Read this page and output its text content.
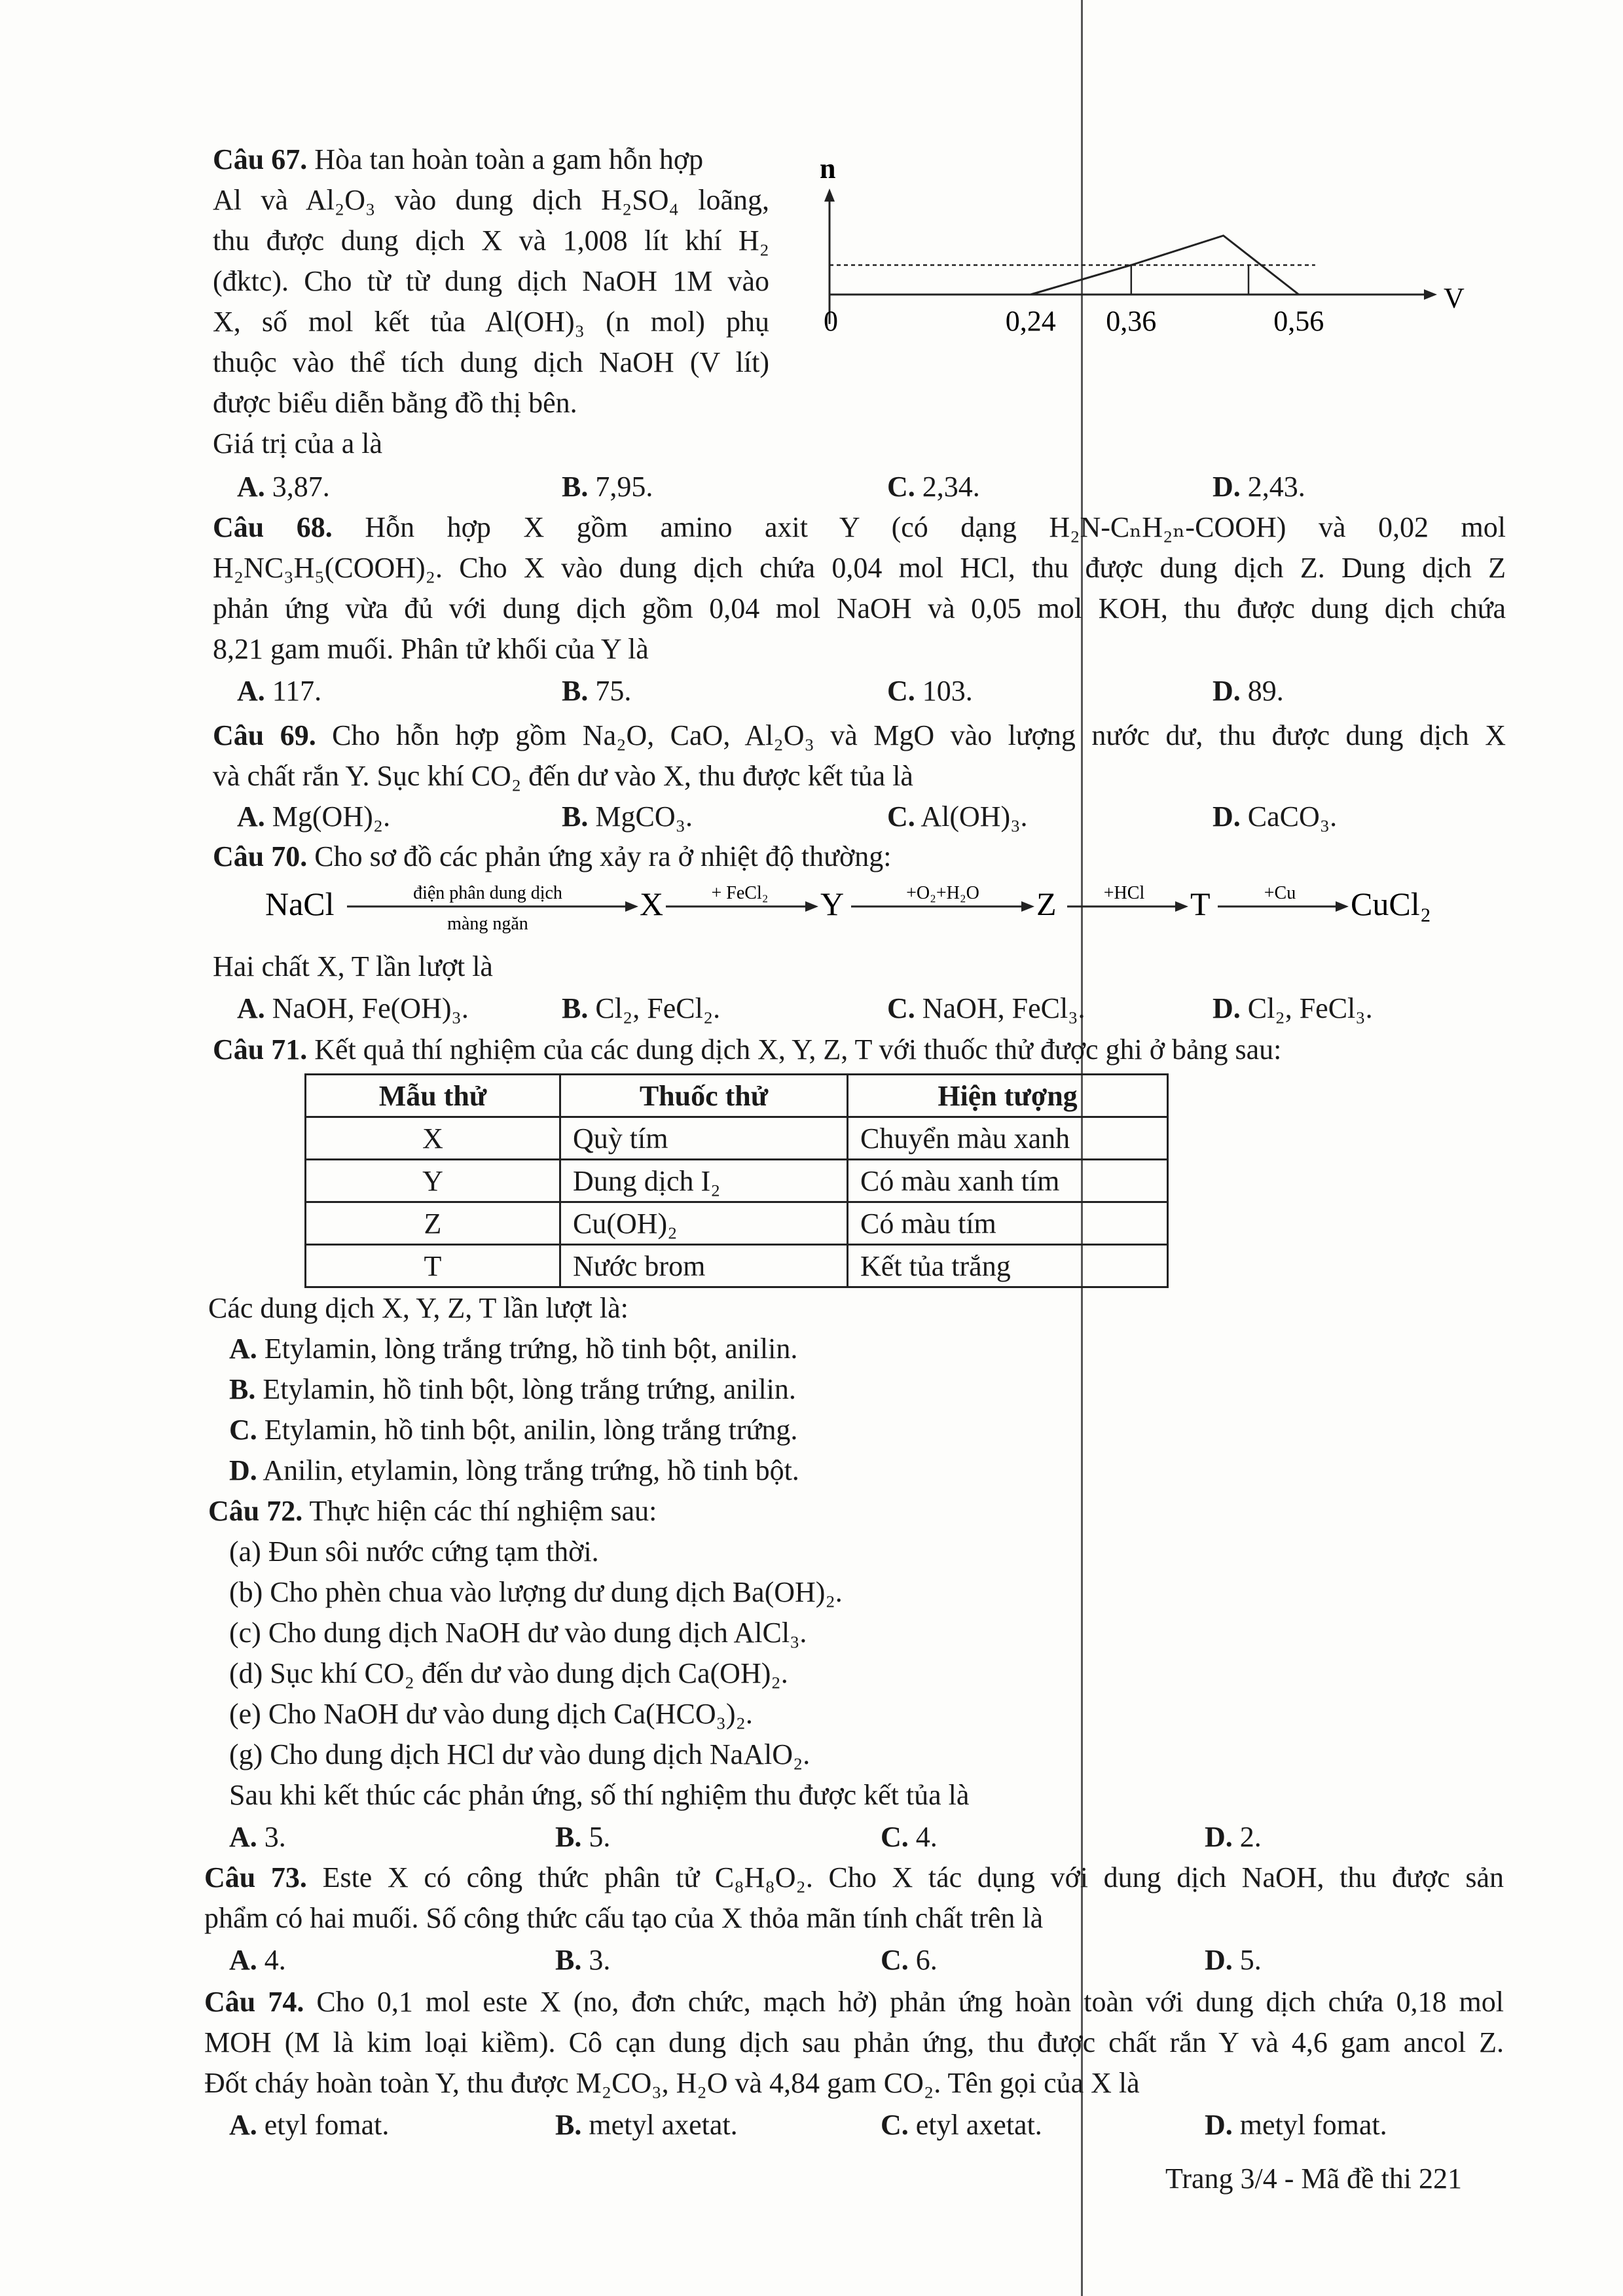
Câu 67. Hòa tan hoàn toàn a gam hỗn hợp
Al và Al₂O₃ vào dung dịch H₂SO₄ loãng,
thu được dung dịch X và 1,008 lít khí H₂
(đktc). Cho từ từ dung dịch NaOH 1M vào
X, số mol kết tủa Al(OH)₃ (n mol) phụ
thuộc vào thể tích dung dịch NaOH (V lít)
được biểu diễn bằng đồ thị bên.
Giá trị của a là
A. 3,87.	B. 7,95.	C. 2,34.	D. 2,43.
n
V
0	0,24 0,36	0,56
Câu 68. Hỗn hợp X gồm amino axit Y (có dạng H₂N-CₙH₂ₙ-COOH) và 0,02 mol
H₂NC₃H₅(COOH)₂. Cho X vào dung dịch chứa 0,04 mol HCl, thu được dung dịch Z. Dung dịch Z
phản ứng vừa đủ với dung dịch gồm 0,04 mol NaOH và 0,05 mol KOH, thu được dung dịch chứa
8,21 gam muối. Phân tử khối của Y là
A. 117.	B. 75.	C. 103.	D. 89.
Câu 69. Cho hỗn hợp gồm Na₂O, CaO, Al₂O₃ và MgO vào lượng nước dư, thu được dung dịch X
và chất rắn Y. Sục khí CO₂ đến dư vào X, thu được kết tủa là
A. Mg(OH)₂.	B. MgCO₃.	C. Al(OH)₃.	D. CaCO₃.
Câu 70. Cho sơ đồ các phản ứng xảy ra ở nhiệt độ thường:
NaCl	điện phân dung dịch
màng ngăn
X	+ FeCl₂ Y	+O₂+H₂O Z	+HCl T	+Cu CuCl₂
Hai chất X, T lần lượt là
A. NaOH, Fe(OH)₃.	B. Cl₂, FeCl₂.	C. NaOH, FeCl₃.	D. Cl₂, FeCl₃.
Câu 71. Kết quả thí nghiệm của các dung dịch X, Y, Z, T với thuốc thử được ghi ở bảng sau:
Mẫu thử	Thuốc thử	Hiện tượng
X	Quỳ tím	Chuyển màu xanh
Y	Dung dịch I₂	Có màu xanh tím
Z	Cu(OH)₂	Có màu tím
T	Nước brom	Kết tủa trắng
Các dung dịch X, Y, Z, T lần lượt là:
A. Etylamin, lòng trắng trứng, hồ tinh bột, anilin.
B. Etylamin, hồ tinh bột, lòng trắng trứng, anilin.
C. Etylamin, hồ tinh bột, anilin, lòng trắng trứng.
D. Anilin, etylamin, lòng trắng trứng, hồ tinh bột.
Câu 72. Thực hiện các thí nghiệm sau:
(a) Đun sôi nước cứng tạm thời.
(b) Cho phèn chua vào lượng dư dung dịch Ba(OH)₂.
(c) Cho dung dịch NaOH dư vào dung dịch AlCl₃.
(d) Sục khí CO₂ đến dư vào dung dịch Ca(OH)₂.
(e) Cho NaOH dư vào dung dịch Ca(HCO₃)₂.
(g) Cho dung dịch HCl dư vào dung dịch NaAlO₂.
Sau khi kết thúc các phản ứng, số thí nghiệm thu được kết tủa là
A. 3.	B. 5.	C. 4.	D. 2.
Câu 73. Este X có công thức phân tử C₈H₈O₂. Cho X tác dụng với dung dịch NaOH, thu được sản
phẩm có hai muối. Số công thức cấu tạo của X thỏa mãn tính chất trên là
A. 4.	B. 3.	C. 6.	D. 5.
Câu 74. Cho 0,1 mol este X (no, đơn chức, mạch hở) phản ứng hoàn toàn với dung dịch chứa 0,18 mol
MOH (M là kim loại kiềm). Cô cạn dung dịch sau phản ứng, thu được chất rắn Y và 4,6 gam ancol Z.
Đốt cháy hoàn toàn Y, thu được M₂CO₃, H₂O và 4,84 gam CO₂. Tên gọi của X là
A. etyl fomat.	B. metyl axetat.	C. etyl axetat.	D. metyl fomat.
Trang 3/4 - Mã đề thi 221
